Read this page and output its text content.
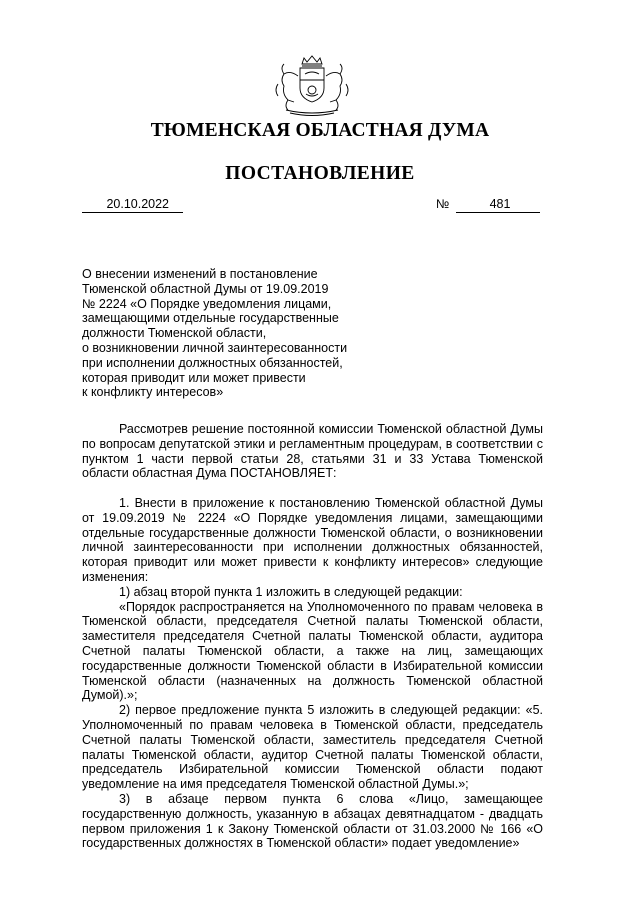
ТЮМЕНСКАЯ ОБЛАСТНАЯ ДУМА
ПОСТАНОВЛЕНИЕ
20.10.2022	№	481
О внесении изменений в постановление
Тюменской областной Думы от 19.09.2019
№ 2224 «О Порядке уведомления лицами,
замещающими отдельные государственные
должности Тюменской области,
о возникновении личной заинтересованности
при исполнении должностных обязанностей,
которая приводит или может привести
к конфликту интересов»

Рассмотрев решение постоянной комиссии Тюменской областной Думы по вопросам депутатской этики и регламентным процедурам, в соответствии с пунктом 1 части первой статьи 28, статьями 31 и 33 Устава Тюменской области областная Дума ПОСТАНОВЛЯЕТ:

1. Внести в приложение к постановлению Тюменской областной Думы от 19.09.2019 № 2224 «О Порядке уведомления лицами, замещающими отдельные государственные должности Тюменской области, о возникновении личной заинтересованности при исполнении должностных обязанностей, которая приводит или может привести к конфликту интересов» следующие изменения:

1) абзац второй пункта 1 изложить в следующей редакции:

«Порядок распространяется на Уполномоченного по правам человека в Тюменской области, председателя Счетной палаты Тюменской области, заместителя председателя Счетной палаты Тюменской области, аудитора Счетной палаты Тюменской области, а также на лиц, замещающих государственные должности Тюменской области в Избирательной комиссии Тюменской области (назначенных на должность Тюменской областной Думой).»;

2) первое предложение пункта 5 изложить в следующей редакции: «5. Уполномоченный по правам человека в Тюменской области, председатель Счетной палаты Тюменской области, заместитель председателя Счетной палаты Тюменской области, аудитор Счетной палаты Тюменской области, председатель Избирательной комиссии Тюменской области подают уведомление на имя председателя Тюменской областной Думы.»;

3) в абзаце первом пункта 6 слова «Лицо, замещающее государственную должность, указанную в абзацах девятнадцатом - двадцать первом приложения 1 к Закону Тюменской области от 31.03.2000 № 166 «О государственных должностях в Тюменской области» подает уведомление»
